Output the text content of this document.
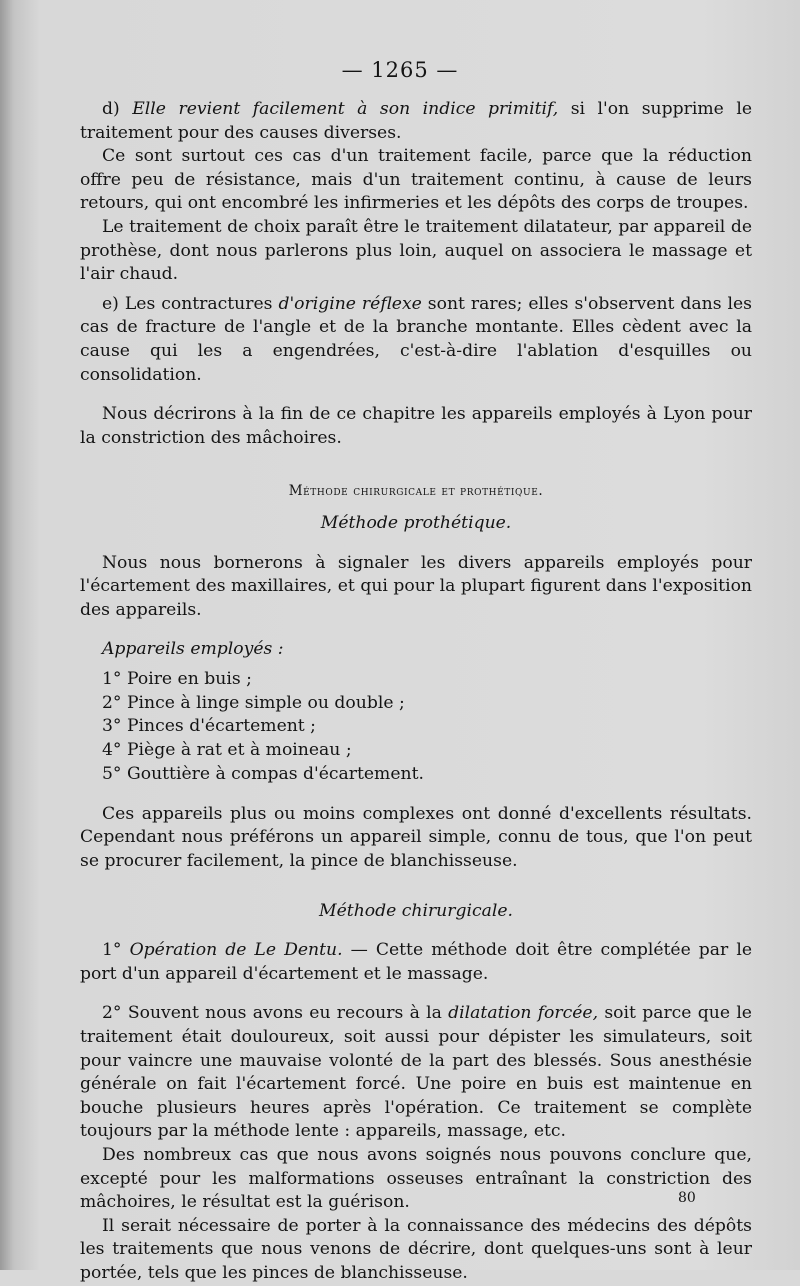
— 1265 —

d) Elle revient facilement à son indice primitif, si l'on supprime le traitement pour des causes diverses.

Ce sont surtout ces cas d'un traitement facile, parce que la réduction offre peu de résistance, mais d'un traitement continu, à cause de leurs retours, qui ont encombré les infirmeries et les dépôts des corps de troupes.

Le traitement de choix paraît être le traitement dilatateur, par appareil de prothèse, dont nous parlerons plus loin, auquel on associera le massage et l'air chaud.

e) Les contractures d'origine réflexe sont rares; elles s'observent dans les cas de fracture de l'angle et de la branche montante. Elles cèdent avec la cause qui les a engendrées, c'est-à-dire l'ablation d'esquilles ou consolidation.

Nous décrirons à la fin de ce chapitre les appareils employés à Lyon pour la constriction des mâchoires.

Méthode chirurgicale et prothétique.
Méthode prothétique.

Nous nous bornerons à signaler les divers appareils employés pour l'écartement des maxillaires, et qui pour la plupart figurent dans l'exposition des appareils.

Appareils employés :

1° Poire en buis ;
2° Pince à linge simple ou double ;
3° Pinces d'écartement ;
4° Piège à rat et à moineau ;
5° Gouttière à compas d'écartement.

Ces appareils plus ou moins complexes ont donné d'excellents résultats. Cependant nous préférons un appareil simple, connu de tous, que l'on peut se procurer facilement, la pince de blanchisseuse.

Méthode chirurgicale.

1° Opération de Le Dentu. — Cette méthode doit être complétée par le port d'un appareil d'écartement et le massage.

2° Souvent nous avons eu recours à la dilatation forcée, soit parce que le traitement était douloureux, soit aussi pour dépister les simulateurs, soit pour vaincre une mauvaise volonté de la part des blessés. Sous anesthésie générale on fait l'écartement forcé. Une poire en buis est maintenue en bouche plusieurs heures après l'opération. Ce traitement se complète toujours par la méthode lente : appareils, massage, etc.

Des nombreux cas que nous avons soignés nous pouvons conclure que, excepté pour les malformations osseuses entraînant la constriction des mâchoires, le résultat est la guérison.

Il serait nécessaire de porter à la connaissance des médecins des dépôts les traitements que nous venons de décrire, dont quelques-uns sont à leur portée, tels que les pinces de blanchisseuse.

80
